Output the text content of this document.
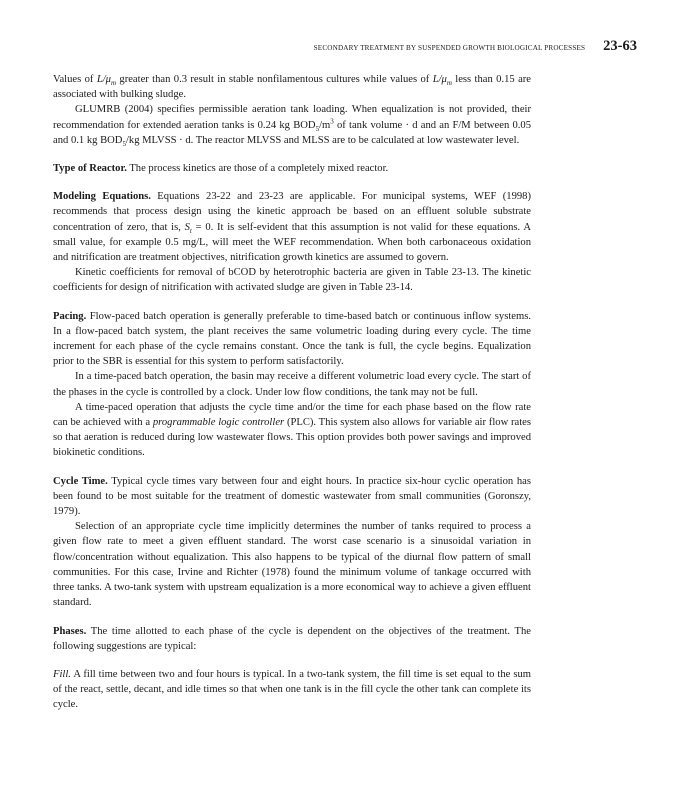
SECONDARY TREATMENT BY SUSPENDED GROWTH BIOLOGICAL PROCESSES 23-63

Values of $L/\mu_m$ greater than 0.3 result in stable nonfilamentous cultures while values of $L/\mu_m$ less than 0.15 are associated with bulking sludge.

GLUMRB (2004) specifies permissible aeration tank loading. When equalization is not provided, their recommendation for extended aeration tanks is 0.24 kg $BOD_5/m^3$ of tank volume · d and an F/M between 0.05 and 0.1 kg $BOD_5/kg$ MLVSS · d. The reactor MLVSS and MLSS are to be calculated at low wastewater level.

Type of Reactor. The process kinetics are those of a completely mixed reactor.

Modeling Equations. Equations 23-22 and 23-23 are applicable. For municipal systems, WEF (1998) recommends that process design using the kinetic approach be based on an effluent soluble substrate concentration of zero, that is, $S_t = 0$. It is self-evident that this assumption is not valid for these equations. A small value, for example 0.5 mg/L, will meet the WEF recommendation. When both carbonaceous oxidation and nitrification are treatment objectives, nitrification growth kinetics are assumed to govern.

Kinetic coefficients for removal of bCOD by heterotrophic bacteria are given in Table 23-13. The kinetic coefficients for design of nitrification with activated sludge are given in Table 23-14.

Pacing. Flow-paced batch operation is generally preferable to time-based batch or continuous inflow systems. In a flow-paced batch system, the plant receives the same volumetric loading during every cycle. The time increment for each phase of the cycle remains constant. Once the tank is full, the cycle begins. Equalization prior to the SBR is essential for this system to perform satisfactorily.

In a time-paced batch operation, the basin may receive a different volumetric load every cycle. The start of the phases in the cycle is controlled by a clock. Under low flow conditions, the tank may not be full.

A time-paced operation that adjusts the cycle time and/or the time for each phase based on the flow rate can be achieved with a programmable logic controller (PLC). This system also allows for variable air flow rates so that aeration is reduced during low wastewater flows. This option provides both power savings and improved biokinetic conditions.

Cycle Time. Typical cycle times vary between four and eight hours. In practice six-hour cyclic operation has been found to be most suitable for the treatment of domestic wastewater from small communities (Goronszy, 1979).

Selection of an appropriate cycle time implicitly determines the number of tanks required to process a given flow rate to meet a given effluent standard. The worst case scenario is a sinusoidal variation in flow/concentration without equalization. This also happens to be typical of the diurnal flow pattern of small communities. For this case, Irvine and Richter (1978) found the minimum volume of tankage occurred with three tanks. A two-tank system with upstream equalization is a more economical way to achieve a given effluent standard.

Phases. The time allotted to each phase of the cycle is dependent on the objectives of the treatment. The following suggestions are typical:

Fill. A fill time between two and four hours is typical. In a two-tank system, the fill time is set equal to the sum of the react, settle, decant, and idle times so that when one tank is in the fill cycle the other tank can complete its cycle.
